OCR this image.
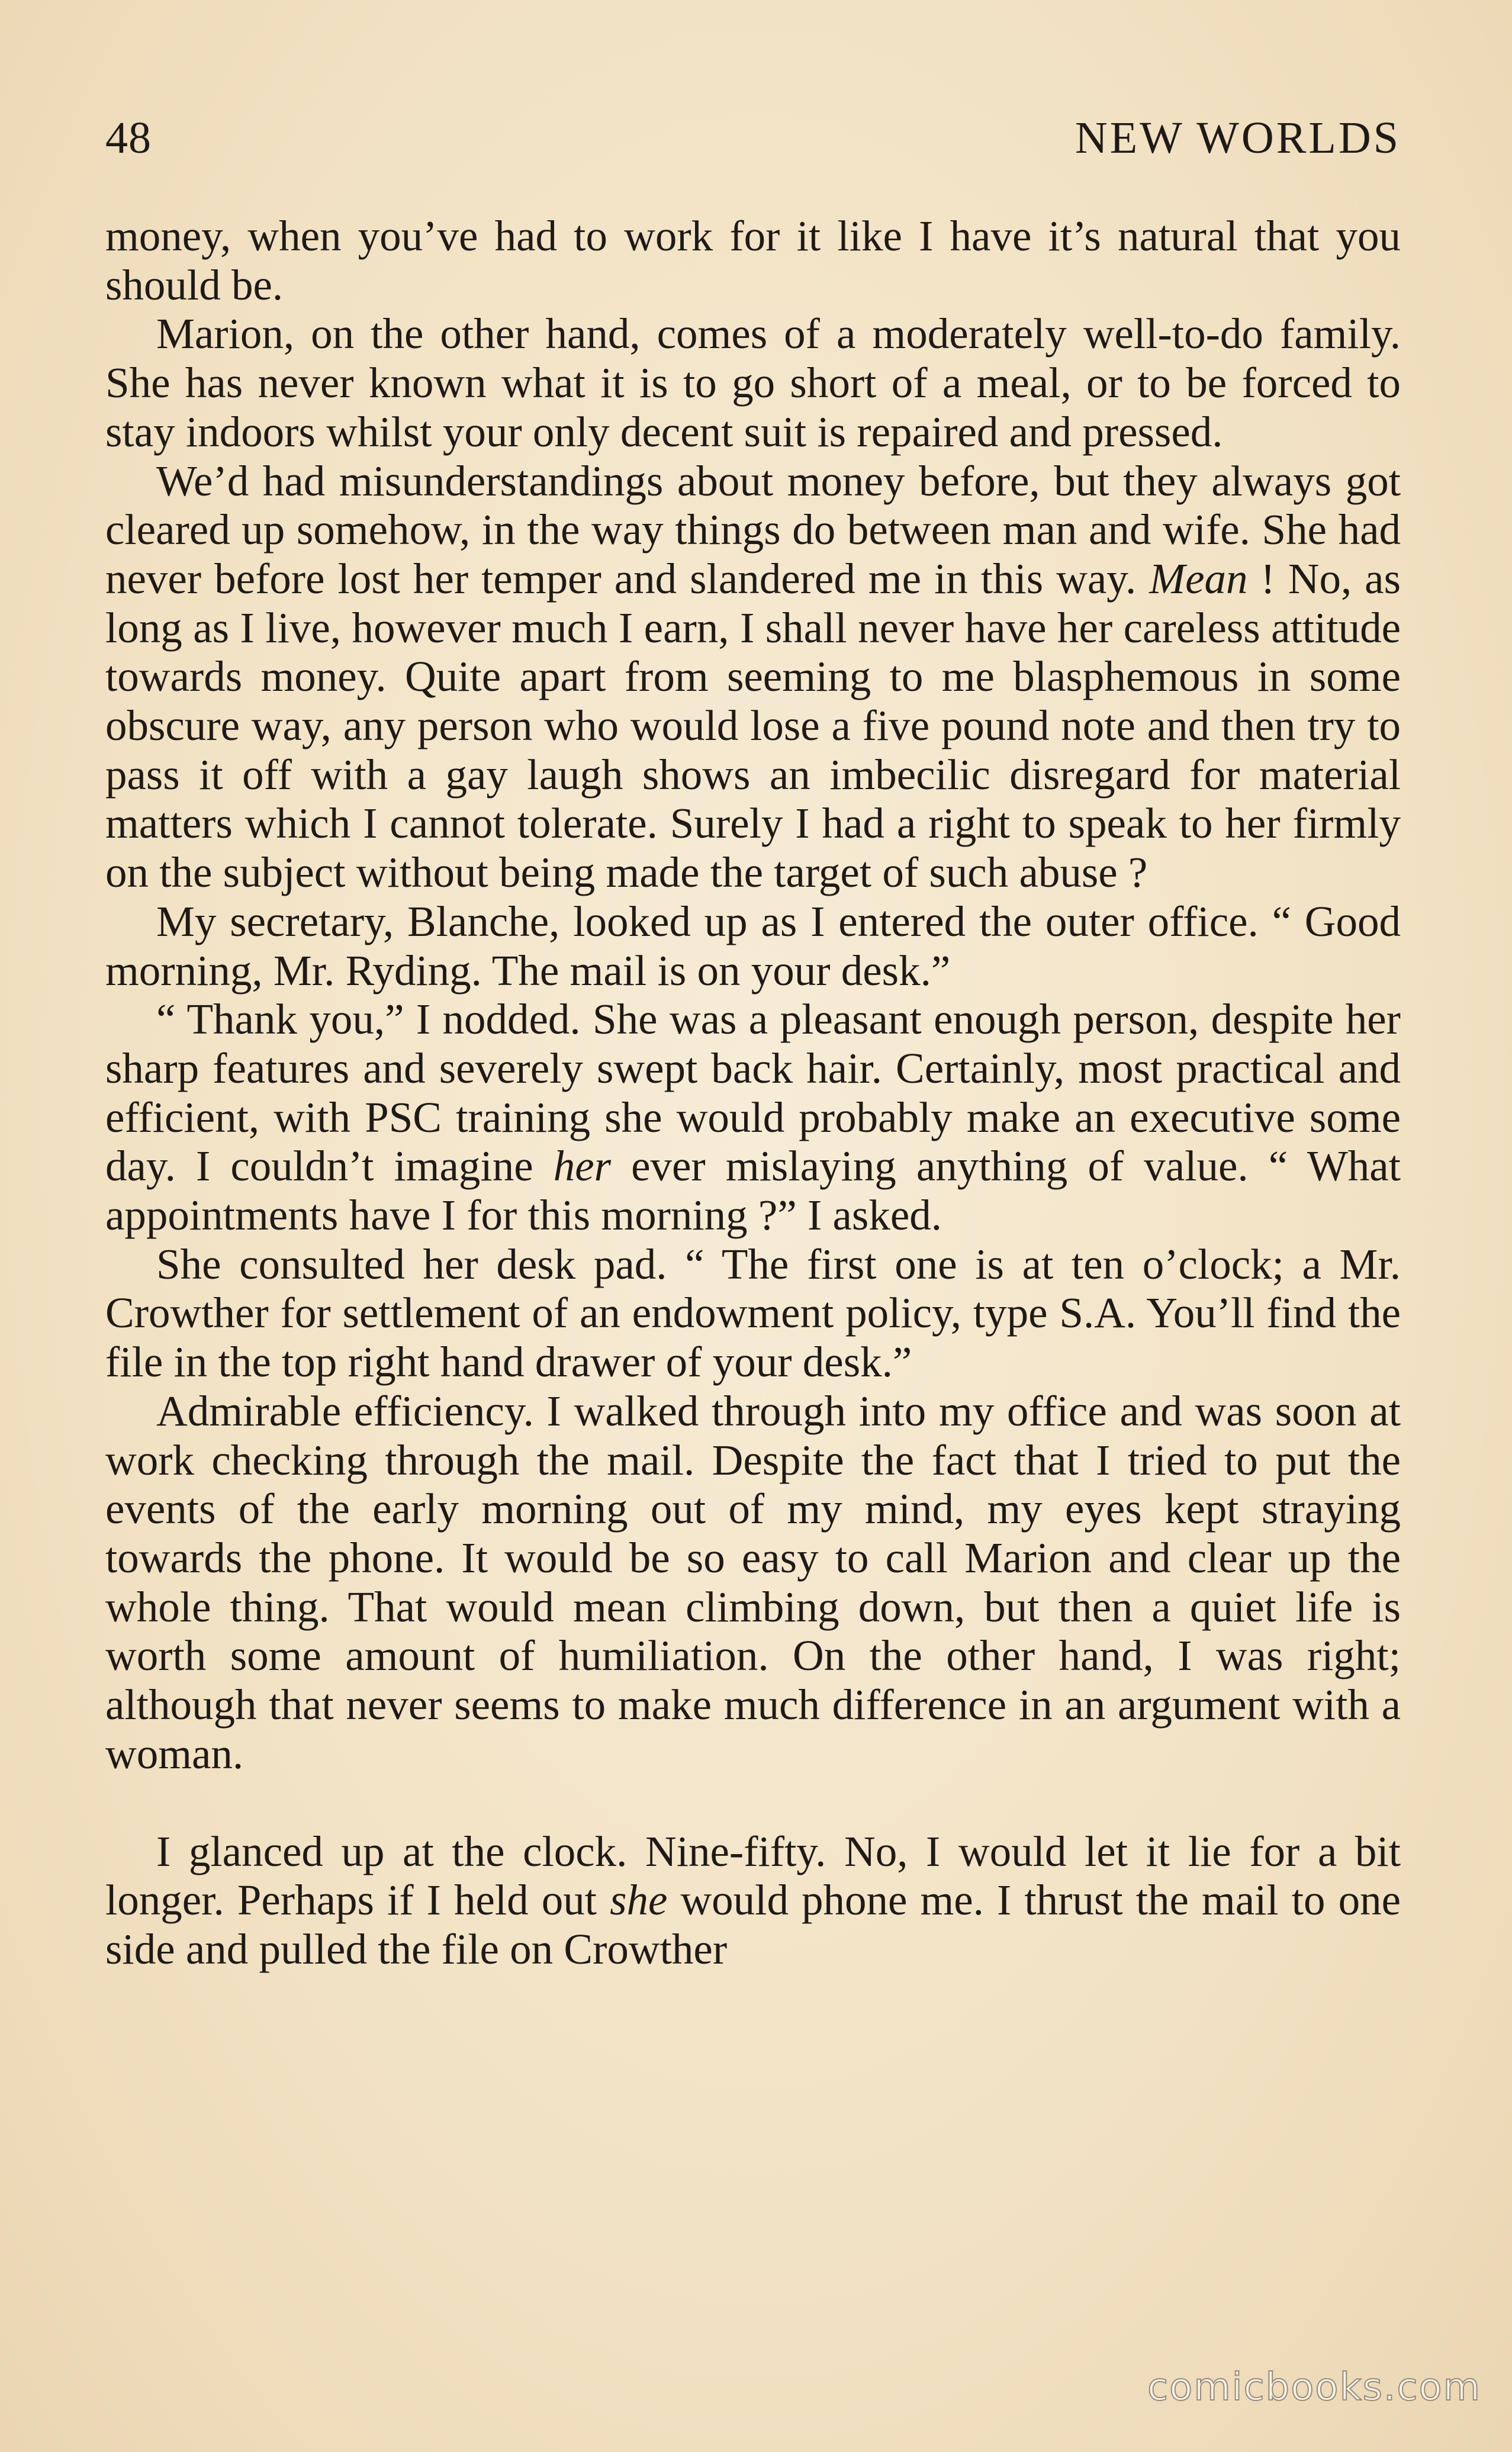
48	NEW WORLDS

money, when you’ve had to work for it like I have it’s natural that you should be.

Marion, on the other hand, comes of a moderately well-to-do family. She has never known what it is to go short of a meal, or to be forced to stay indoors whilst your only decent suit is repaired and pressed.

We’d had misunderstandings about money before, but they always got cleared up somehow, in the way things do between man and wife. She had never before lost her temper and slandered me in this way. Mean ! No, as long as I live, however much I earn, I shall never have her careless attitude towards money. Quite apart from seeming to me blasphemous in some obscure way, any person who would lose a five pound note and then try to pass it off with a gay laugh shows an imbecilic disregard for material matters which I cannot tolerate. Surely I had a right to speak to her firmly on the subject without being made the target of such abuse ?

My secretary, Blanche, looked up as I entered the outer office. “ Good morning, Mr. Ryding. The mail is on your desk.”

“ Thank you,” I nodded. She was a pleasant enough person, despite her sharp features and severely swept back hair. Certainly, most practical and efficient, with PSC training she would probably make an executive some day. I couldn’t imagine her ever mislaying anything of value. “ What appointments have I for this morning ?” I asked.

She consulted her desk pad. “ The first one is at ten o’clock; a Mr. Crowther for settlement of an endowment policy, type S.A. You’ll find the file in the top right hand drawer of your desk.”

Admirable efficiency. I walked through into my office and was soon at work checking through the mail. Despite the fact that I tried to put the events of the early morning out of my mind, my eyes kept straying towards the phone. It would be so easy to call Marion and clear up the whole thing. That would mean climbing down, but then a quiet life is worth some amount of humiliation. On the other hand, I was right; although that never seems to make much difference in an argument with a woman.

I glanced up at the clock. Nine-fifty. No, I would let it lie for a bit longer. Perhaps if I held out she would phone me. I thrust the mail to one side and pulled the file on Crowther

comicbooks.com
